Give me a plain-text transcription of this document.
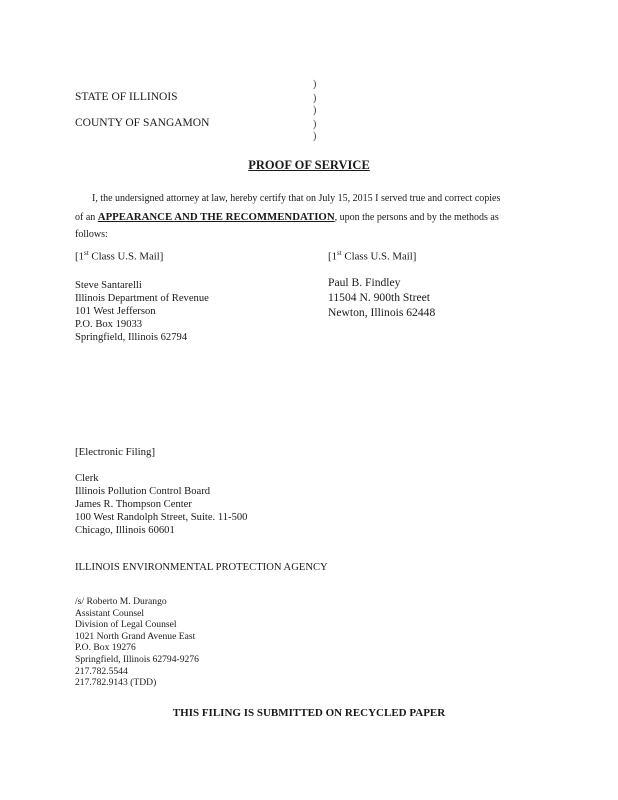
)
STATE OF ILLINOIS	)
)
COUNTY OF SANGAMON	)
)
PROOF OF SERVICE
I, the undersigned attorney at law, hereby certify that on July 15, 2015 I served true and correct copies
of an APPEARANCE AND THE RECOMMENDATION, upon the persons and by the methods as
follows:
[1st Class U.S. Mail]
Steve Santarelli
Illinois Department of Revenue
101 West Jefferson
P.O. Box 19033
Springfield, Illinois 62794
[1st Class U.S. Mail]
Paul B. Findley
11504 N. 900th Street
Newton, Illinois 62448
[Electronic Filing]
Clerk
Illinois Pollution Control Board
James R. Thompson Center
100 West Randolph Street, Suite. 11-500
Chicago, Illinois 60601
ILLINOIS ENVIRONMENTAL PROTECTION AGENCY
/s/ Roberto M. Durango
Assistant Counsel
Division of Legal Counsel
1021 North Grand Avenue East
P.O. Box 19276
Springfield, Illinois 62794-9276
217.782.5544
217.782.9143 (TDD)
THIS FILING IS SUBMITTED ON RECYCLED PAPER
